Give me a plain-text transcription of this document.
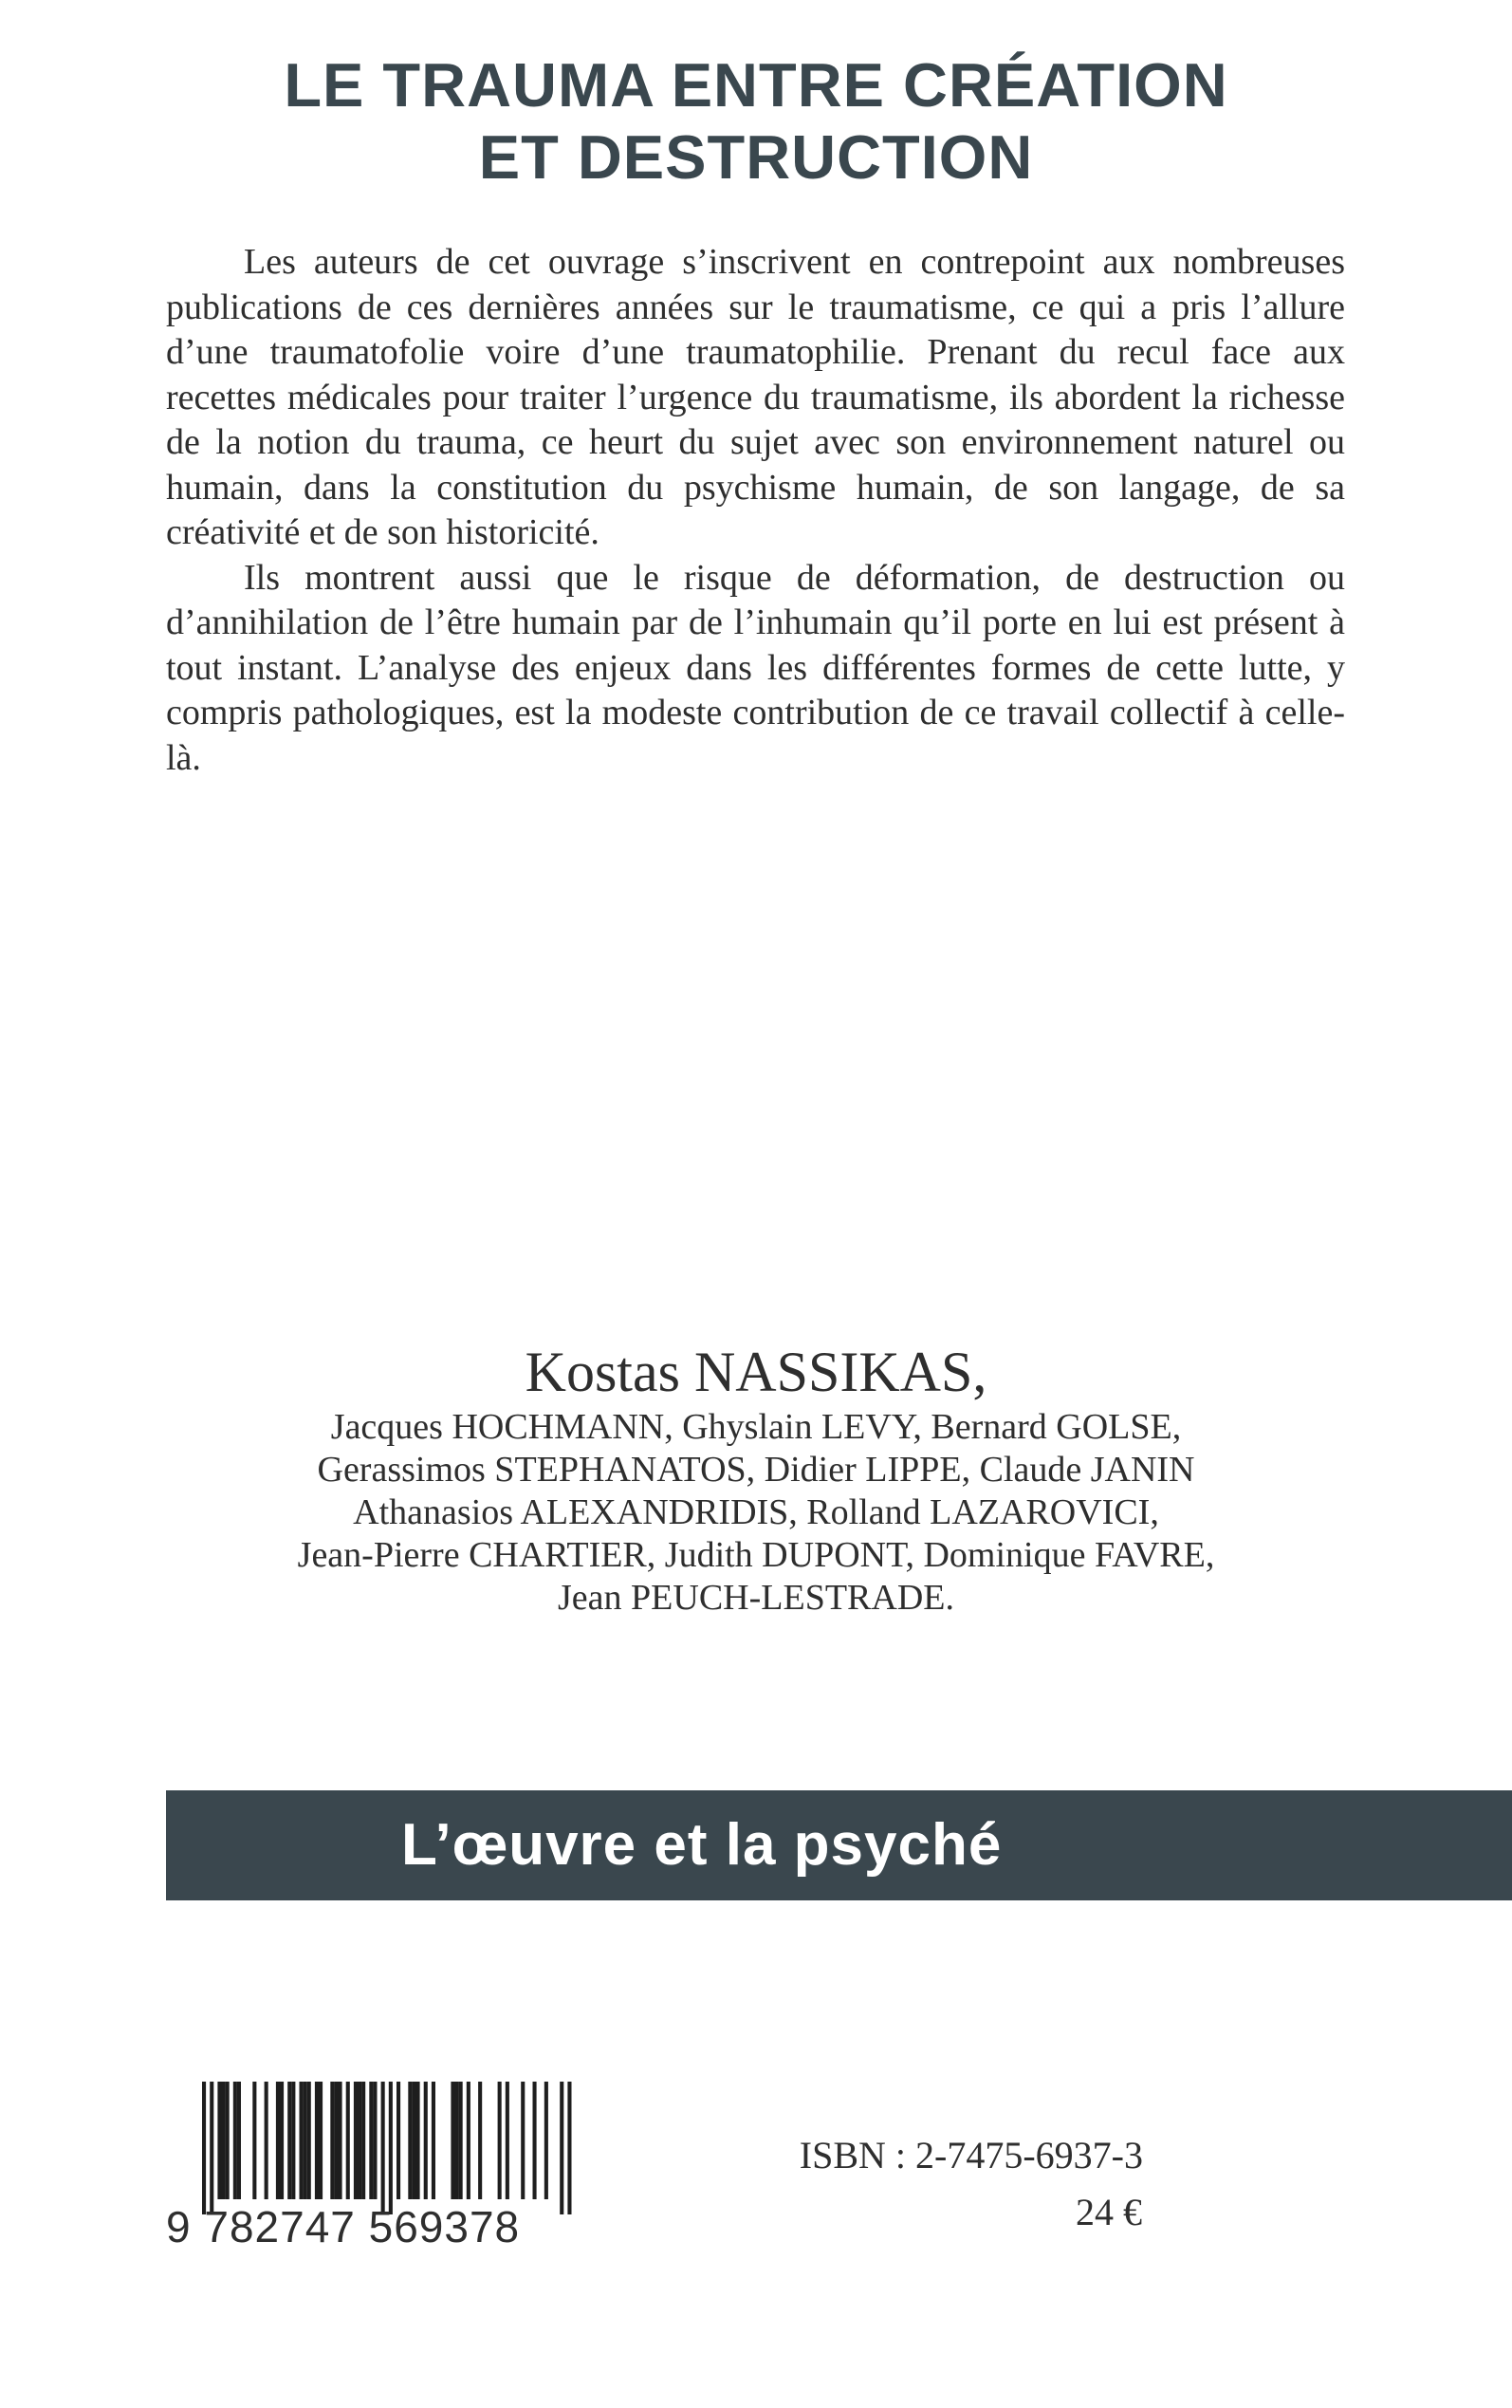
LE TRAUMA ENTRE CRÉATION
ET DESTRUCTION

Les auteurs de cet ouvrage s’inscrivent en contrepoint aux nombreuses publications de ces dernières années sur le traumatisme, ce qui a pris l’allure d’une traumatofolie voire d’une traumatophilie. Prenant du recul face aux recettes médicales pour traiter l’urgence du traumatisme, ils abordent la richesse de la notion du trauma, ce heurt du sujet avec son environnement naturel ou humain, dans la constitution du psychisme humain, de son langage, de sa créativité et de son historicité.

Ils montrent aussi que le risque de déformation, de destruction ou d’annihilation de l’être humain par de l’inhumain qu’il porte en lui est présent à tout instant. L’analyse des enjeux dans les différentes formes de cette lutte, y compris pathologiques, est la modeste contribution de ce travail collectif à celle-là.

Kostas NASSIKAS,
Jacques HOCHMANN, Ghyslain LEVY, Bernard GOLSE,
Gerassimos STEPHANATOS, Didier LIPPE, Claude JANIN
Athanasios ALEXANDRIDIS, Rolland LAZAROVICI,
Jean-Pierre CHARTIER, Judith DUPONT, Dominique FAVRE,
Jean PEUCH-LESTRADE.
L’œuvre et la psyché
9 782747 569378
ISBN : 2-7475-6937-3
24 €
